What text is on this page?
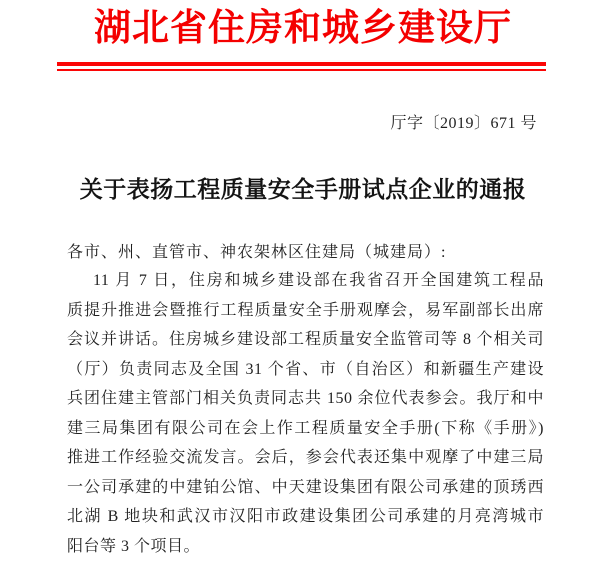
湖北省住房和城乡建设厅
厅字〔2019〕671 号
关于表扬工程质量安全手册试点企业的通报
各市、州、直管市、神农架林区住建局（城建局）:
11 月 7 日，住房和城乡建设部在我省召开全国建筑工程品
质提升推进会暨推行工程质量安全手册观摩会，易军副部长出席
会议并讲话。住房城乡建设部工程质量安全监管司等 8 个相关司
（厅）负责同志及全国 31 个省、市（自治区）和新疆生产建设
兵团住建主管部门相关负责同志共 150 余位代表参会。我厅和中
建三局集团有限公司在会上作工程质量安全手册(下称《手册》)
推进工作经验交流发言。会后，参会代表还集中观摩了中建三局
一公司承建的中建铂公馆、中天建设集团有限公司承建的顶琇西
北湖 B 地块和武汉市汉阳市政建设集团公司承建的月亮湾城市
阳台等 3 个项目。
